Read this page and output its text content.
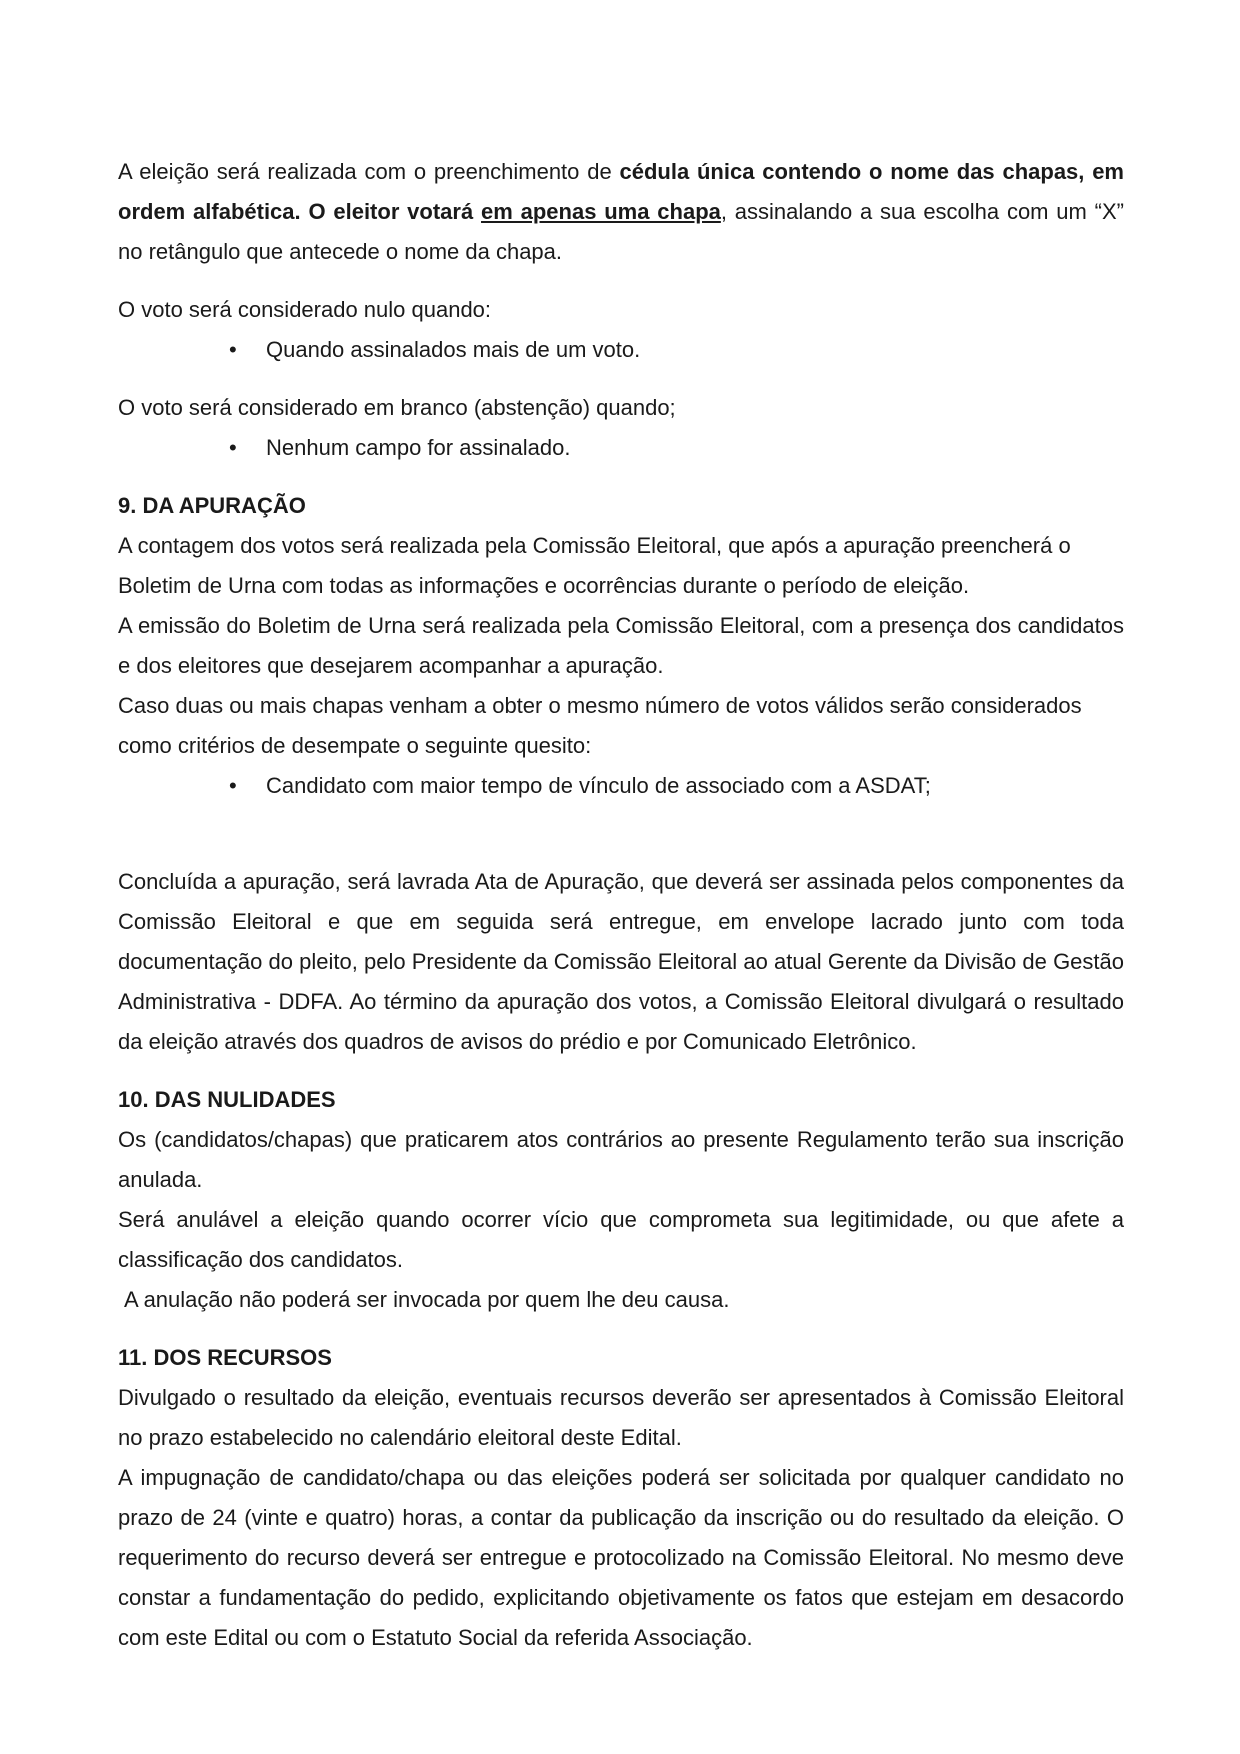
A eleição será realizada com o preenchimento de cédula única contendo o nome das chapas, em ordem alfabética. O eleitor votará em apenas uma chapa, assinalando a sua escolha com um “X” no retângulo que antecede o nome da chapa.

O voto será considerado nulo quando:

• Quando assinalados mais de um voto.

O voto será considerado em branco (abstenção) quando;

• Nenhum campo for assinalado.
9. DA APURAÇÃO

A contagem dos votos será realizada pela Comissão Eleitoral, que após a apuração preencherá o Boletim de Urna com todas as informações e ocorrências durante o período de eleição.

A emissão do Boletim de Urna será realizada pela Comissão Eleitoral, com a presença dos candidatos e dos eleitores que desejarem acompanhar a apuração.

Caso duas ou mais chapas venham a obter o mesmo número de votos válidos serão considerados como critérios de desempate o seguinte quesito:

• Candidato com maior tempo de vínculo de associado com a ASDAT;

Concluída a apuração, será lavrada Ata de Apuração, que deverá ser assinada pelos componentes da Comissão Eleitoral e que em seguida será entregue, em envelope lacrado junto com toda documentação do pleito, pelo Presidente da Comissão Eleitoral ao atual Gerente da Divisão de Gestão Administrativa - DDFA. Ao término da apuração dos votos, a Comissão Eleitoral divulgará o resultado da eleição através dos quadros de avisos do prédio e por Comunicado Eletrônico.

10. DAS NULIDADES

Os (candidatos/chapas) que praticarem atos contrários ao presente Regulamento terão sua inscrição anulada.

Será anulável a eleição quando ocorrer vício que comprometa sua legitimidade, ou que afete a classificação dos candidatos.

A anulação não poderá ser invocada por quem lhe deu causa.

11. DOS RECURSOS

Divulgado o resultado da eleição, eventuais recursos deverão ser apresentados à Comissão Eleitoral no prazo estabelecido no calendário eleitoral deste Edital.

A impugnação de candidato/chapa ou das eleições poderá ser solicitada por qualquer candidato no prazo de 24 (vinte e quatro) horas, a contar da publicação da inscrição ou do resultado da eleição. O requerimento do recurso deverá ser entregue e protocolizado na Comissão Eleitoral. No mesmo deve constar a fundamentação do pedido, explicitando objetivamente os fatos que estejam em desacordo com este Edital ou com o Estatuto Social da referida Associação.
